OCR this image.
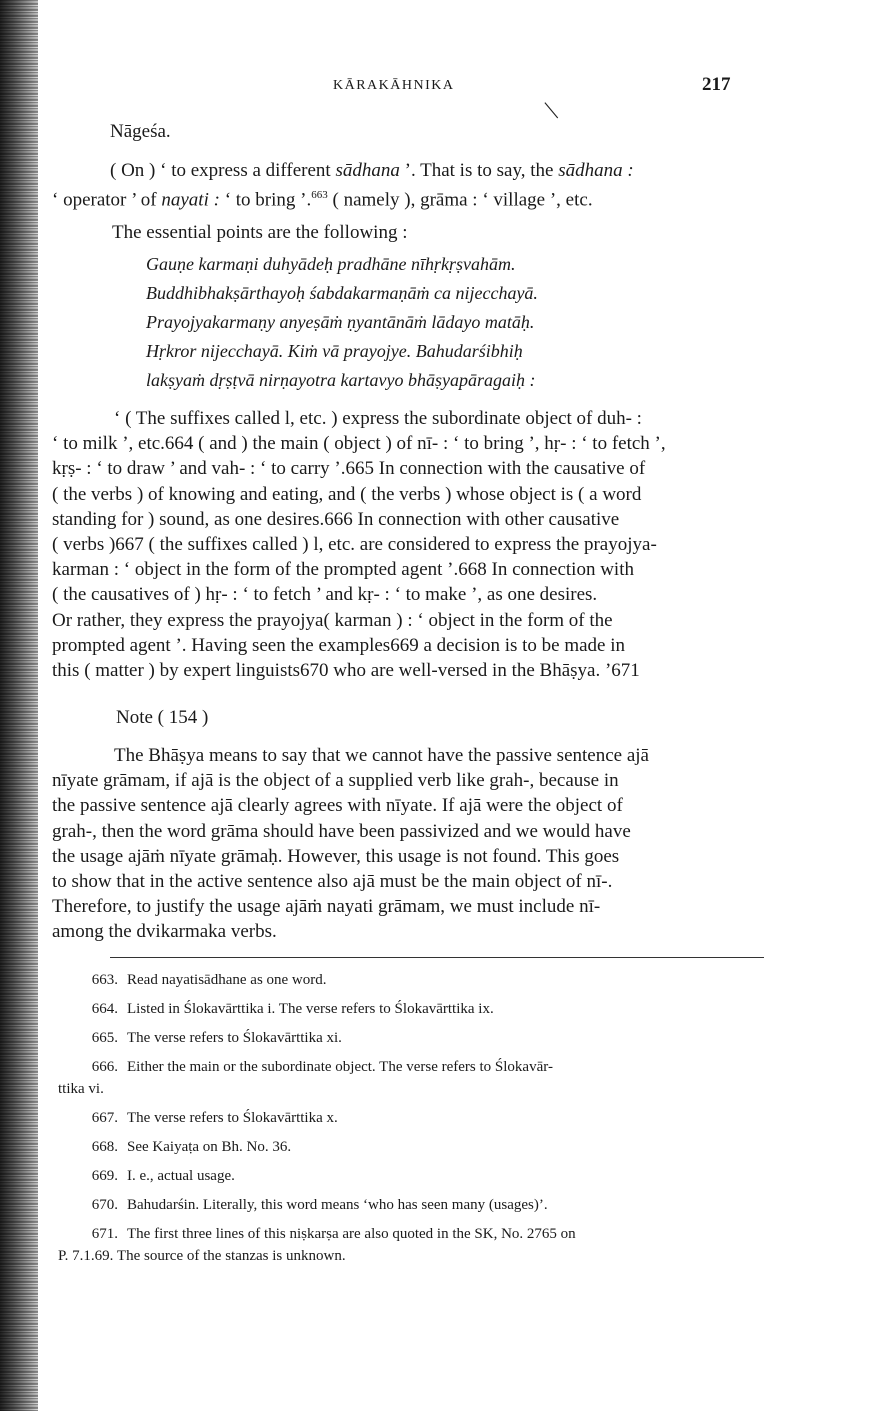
KĀRAKĀHNIKA	217
|
Nāgeśa.

( On ) ‘ to express a different sādhana ’. That is to say, the sādhana :

‘ operator ’ of nayati : ‘ to bring ’.$^{663}$ ( namely ), grāma : ‘ village ’, etc.

The essential points are the following :
Gauṇe karmaṇi duhyādeḥ pradhāne nīhṛkṛṣvahām.
Buddhibhakṣārthayoḥ śabdakarmaṇāṁ ca nijecchayā.
Prayojyakarmaṇy anyeṣāṁ ṇyantānāṁ lādayo matāḥ.
Hṛkror nijecchayā. Kiṁ vā prayojye. Bahudarśibhiḥ
lakṣyaṁ dṛṣṭvā nirṇayotra kartavyo bhāṣyapāragaiḥ :

‘ ( The suffixes called l, etc. ) express the subordinate object of duh- :

‘ to milk ’, etc.664 ( and ) the main ( object ) of nī- : ‘ to bring ’, hṛ- : ‘ to fetch ’,

kṛṣ- : ‘ to draw ’ and vah- : ‘ to carry ’.665 In connection with the causative of

( the verbs ) of knowing and eating, and ( the verbs ) whose object is ( a word

standing for ) sound, as one desires.666 In connection with other causative

( verbs )667 ( the suffixes called ) l, etc. are considered to express the prayojya-

karman : ‘ object in the form of the prompted agent ’.668 In connection with

( the causatives of ) hṛ- : ‘ to fetch ’ and kṛ- : ‘ to make ’, as one desires.

Or rather, they express the prayojya( karman ) : ‘ object in the form of the

prompted agent ’. Having seen the examples669 a decision is to be made in

this ( matter ) by expert linguists670 who are well-versed in the Bhāṣya. ’671

Note ( 154 )

The Bhāṣya means to say that we cannot have the passive sentence ajā

nīyate grāmam, if ajā is the object of a supplied verb like grah-, because in

the passive sentence ajā clearly agrees with nīyate. If ajā were the object of

grah-, then the word grāma should have been passivized and we would have

the usage ajāṁ nīyate grāmaḥ. However, this usage is not found. This goes

to show that in the active sentence also ajā must be the main object of nī-.

Therefore, to justify the usage ajāṁ nayati grāmam, we must include nī-

among the dvikarmaka verbs.

663. Read nayatisādhane as one word.
664. Listed in Ślokavārttika i. The verse refers to Ślokavārttika ix.
665. The verse refers to Ślokavārttika xi.
666. Either the main or the subordinate object. The verse refers to Ślokavār-
ttika vi.
667. The verse refers to Ślokavārttika x.
668. See Kaiyaṭa on Bh. No. 36.
669. I. e., actual usage.
670. Bahudarśin. Literally, this word means ‘who has seen many (usages)’.
671. The first three lines of this niṣkarṣa are also quoted in the SK, No. 2765 on
P. 7.1.69. The source of the stanzas is unknown.
